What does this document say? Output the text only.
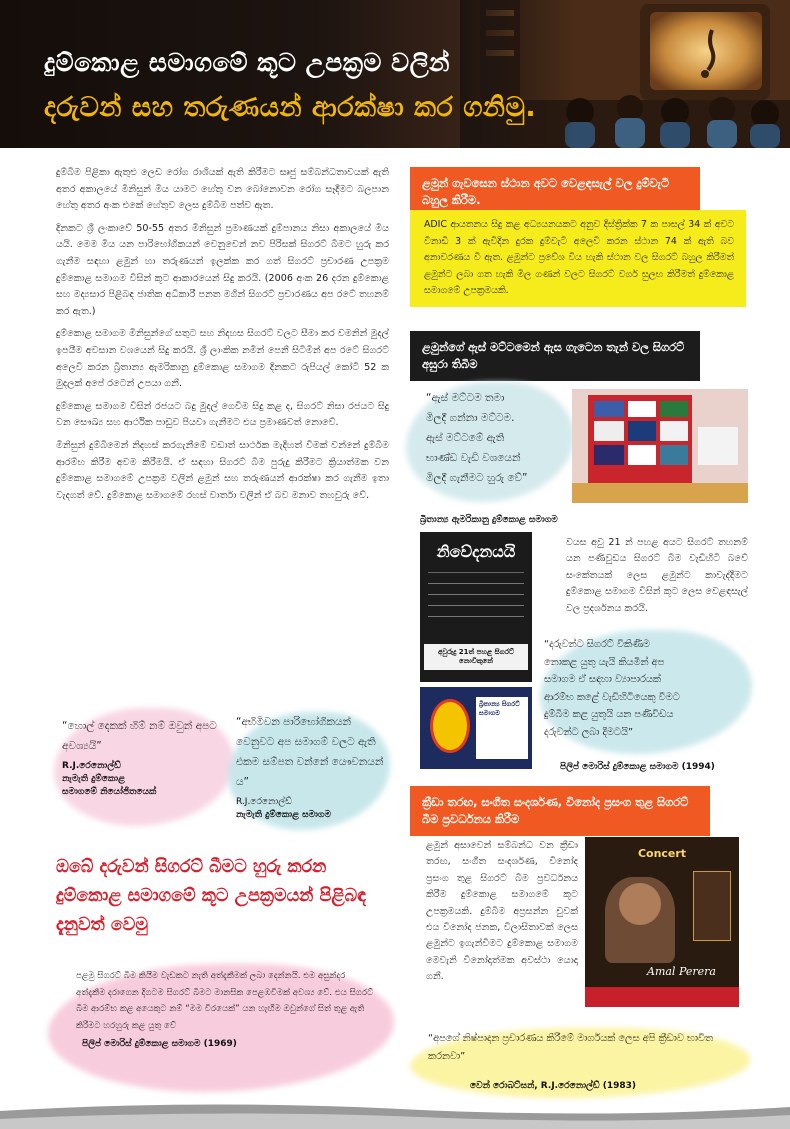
දුම්කොළ සමාගමේ කූට උපක්‍රම වලින්
දරුවන් සහ තරුණයන් ආරක්ෂා කර ගනිමු.

දුම්බීම පිළිකා ඇතුළු ලෙඩ රෝග රාශියක් ඇති කිරීමට සෘජු සම්බන්ධතාවයක් ඇති අතර අකාලයේ මිනිසුන් මිය යාමට හේතු වන බෝනොවන රෝග සෑදීමට බලපාන හේතු අතර අංක එකේ හේතුව ලෙස දුම්බීම පත්ව ඇත.

දිනකට ශ්‍රී ලංකාවේ 50-55 අතර මිනිසුන් ප්‍රමාණයක් දුම්පානය නිසා අකාලයේ මිය යයි. මෙම මිය යන පාරිභෝගිකයන් වෙනුවෙන් නව පිරිසක් සිගරට් බීමට හුරු කර ගැනීම සඳහා ළමුන් හා තරුණයන් ඉලක්ක කර ගත් සිගරට් ප්‍රචාරණ උපක්‍රම දුම්කොළ සමාගම විසින් කූට ආකාරයෙන් සිදු කරයි. (2006 අංක 26 දරන දුම්කොළ සහ මද්‍යසාර පිළිබඳ ජාතික අධිකාරී පනත මගින් සිගරට් ප්‍රචාරණය අප රටේ තහනම් කර ඇත.)

දුම්කොළ සමාගම මිනිසුන්ගේ සතුට සහ නිදහස සිගරට් වලට සීමා කර වමනින් මුදල් ඉපයීම අවසාන වශයෙන් සිදු කරයි. ශ්‍රී ලාංකික නමින් පෙනී සිටීමින් අප රටේ සිගරට් අලෙවි කරන බ්‍රිතාන්‍ය ඇමරිකානු දුම්කොළ සමාගම දිනකට රුපියල් කෝටි 52 ක මුදලක් අපේ රටෙන් උපයා ගනී.

දුම්කොළ සමාගම විසින් රජයට බදු මුදල් ගෙවීම සිදු කළ ද, සිගරට් නිසා රජයට සිදු වන සෞඛ්‍ය සහ ආර්ථික පාඩුව පියවා ගැනීමට එය ප්‍රමාණවත් නොවේ.

මිනිසුන් දුම්බීමෙන් නිදහස් කරගැනීමේ වඩාත් සාර්ථක මැදිහත් වීමක් වන්නේ දුම්බීම ආරම්භ කිරීම අවම කිරීමයි. ඒ සඳහා සිගරට් බීම පුරුදු කිරීමට ක්‍රියාත්මක වන දුම්කොළ සමාගමේ උපක්‍රම වලින් ළමුන් සහ තරුණයන් ආරක්ෂා කර ගැනීම ඉතා වැදගත් වේ. දුම්කොළ සමාගමේ රහස් වාර්තා වලින් ඒ බව මනාව තහවුරු වේ.

“හොල් දෙකක් හිම් නම් ඔවුන් අපට අවශ්‍යයි”
R.J.රෙනොල්ඩ්
නැමැති දුම්කොළ
සමාගමේ නියෝජිතයෙක්
“අභිමිවන පාරිභෝගිකයන් වෙනුවට අප සමාගම් වලට ඇති එකම සම්පත වන්නේ යෞවනයන් ය”
R.J.රෙනොල්ඩ්
නැමැති දුම්කොළ සමාගම
ඔබේ දරුවන් සිගරට් බීමට හුරු කරන දුම්කොළ සමාගමේ කූට උපක්‍රමයන් පිළිබඳ දැනුවත් වෙමු
පළමු සිගරට් බීම කියීම වැඩකට නැති අත්දැකීමක් ලබා දෙන්නයි. එම අසුන්දර අත්දැකීම දරාගෙන දිගටම සිගරට් බීමට මානසික පෙළඹවීමක් අවශ්‍ය වේ. එය සිගරට් බීම ආරම්භ කළ අයෙකුට නම් “මම වීරයෙක්” යන හැඟීම ඔවුන්ගේ සිත් තුළ ඇති කිරීමට හරහුරු කළ යුතු වේ
පිලිප් මොරිස් දුම්කොළ සමාගම (1969)
ළමුන් ගැවසෙන ස්ථාන අවට වෙළඳසැල් වල දුම්වැටි බහුල කිරීම.
ADIC ආයතනය සිදු කළ අධ්‍යයනයකට අනුව දිස්ත්‍රික්ක 7 ක පාසල් 34 ක් අවට විනාඩි 3 ක් ඇවිදින දුරක දුම්වැටි අලෙවි කරන ස්ථාන 74 ක් ඇති බව අනාවරණය වී ඇත. ළමුන්ට ප්‍රවේශ විය හැකි ස්ථාන වල සිගරට් බහුල කිරීමත් ළමුන්ට ලබා ගත හැකි මිල ගණන් වලට සිගරට් වර්ග සුලභ කිරීමත් දුම්කොළ සමාගමේ උපක්‍රමයකි.
ළමුන්ගේ ඇස් මට්ටමෙන් ඇස ගැටෙන තැන් වල සිගරට් අසුරා තිබීම
“ඇස් මට්ටම තමා
මිලදී ගන්නා මට්ටම.
ඇස් මට්ටමේ ඇති
භාණ්ඩ වැඩි වශයෙන්
මිලදී ගැනීමට හුරු වේ”
බ්‍රිතාන්‍ය ඇමරිකානු දුම්කොළ සමාගම
නිවේදනයයි
අවුරුදු 21ත් පහළ සිගරට් නොවිකුනේ
බ්‍රිතාන්‍ය සිගරට් සමාගම
වයස අවු 21 න් පහළ අයට සිගරට් තහනම් යන පණිවුඩය සිගරට් බීම වැඩිහිටි බවේ සංකේතයක් ලෙස ළමුන්ට කාවැද්දීමට දුම්කොළ සමාගම විසින් කූට ලෙස වෙළඳසැල් වල ප්‍රදර්ශනය කරයි.
“දරුවන්ට සිගරට් විකිණීම
නොකළ යුතු යැයි කියමින් අප
සමාගම ඒ සඳහා ව්‍යාපාරයක්
ආරම්භ කළේ වැඩිහිටියෙකු වීමට
දුම්බීම කළ යුතුයි යන පණිවිඩය
දරුවන්ට ලබා දීමටයි”
පිලිප් මොරිස් දුම්කොළ සමාගම (1994)
ක්‍රීඩා තරඟ, සංගීත සංදර්ශණ, විනෝද ප්‍රසංග තුළ සිගරට් බීම ප්‍රවර්ධනය කිරීම
ළමුන් අසාවෙන් සම්බන්ධ වන ක්‍රීඩා තරඟ, සංගීත සංදර්ශණ, විනෝද ප්‍රසංග තුළ සිගරට් බීම ප්‍රවර්ධනය කිරීම දුම්කොළ සමාගමේ කූට උපක්‍රමයකි. දුම්බීම අප්‍රසන්න චුවක් එය විනෝද ජනක, විලාසිතාවක් ලෙස ළමුන්ට ඉගැන්වීමට දුම්කොළ සමාගම මෙවැනි විනෝදාත්මක අවස්ථා යොදා ගනී.
Concert
Amal Perera
“අපගේ නිෂ්පාදන ප්‍රචාරණය කිරීමේ මාර්ගයක් ලෙස අපි ක්‍රීඩාව භාවිත කරනවා”
වෙන් රොබට්සන්, R.J.රෙනොල්ඩ් (1983)
